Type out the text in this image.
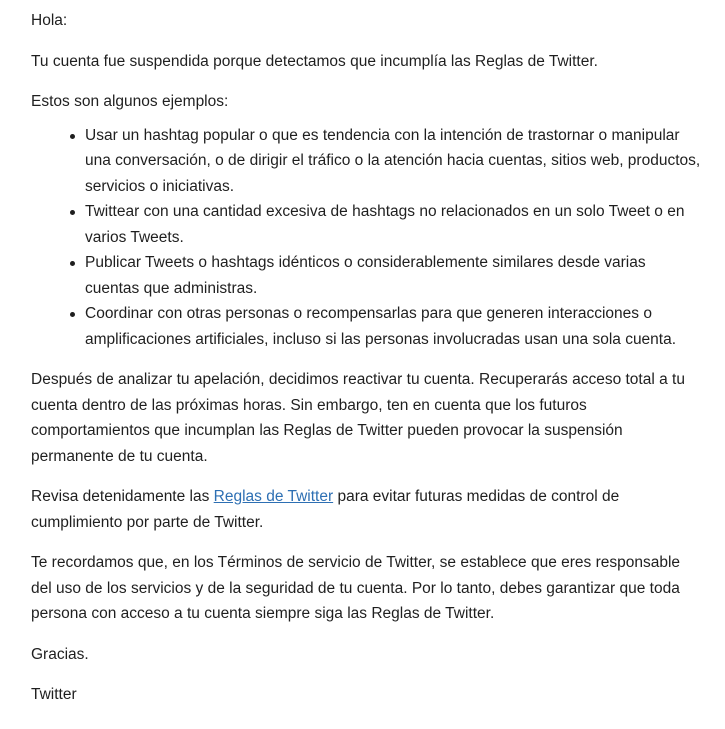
Hola:

Tu cuenta fue suspendida porque detectamos que incumplía las Reglas de Twitter.

Estos son algunos ejemplos:

Usar un hashtag popular o que es tendencia con la intención de trastornar o manipular una conversación, o de dirigir el tráfico o la atención hacia cuentas, sitios web, productos, servicios o iniciativas.
Twittear con una cantidad excesiva de hashtags no relacionados en un solo Tweet o en varios Tweets.
Publicar Tweets o hashtags idénticos o considerablemente similares desde varias cuentas que administras.
Coordinar con otras personas o recompensarlas para que generen interacciones o amplificaciones artificiales, incluso si las personas involucradas usan una sola cuenta.

Después de analizar tu apelación, decidimos reactivar tu cuenta. Recuperarás acceso total a tu cuenta dentro de las próximas horas. Sin embargo, ten en cuenta que los futuros comportamientos que incumplan las Reglas de Twitter pueden provocar la suspensión permanente de tu cuenta.

Revisa detenidamente las Reglas de Twitter para evitar futuras medidas de control de cumplimiento por parte de Twitter.

Te recordamos que, en los Términos de servicio de Twitter, se establece que eres responsable del uso de los servicios y de la seguridad de tu cuenta. Por lo tanto, debes garantizar que toda persona con acceso a tu cuenta siempre siga las Reglas de Twitter.

Gracias.

Twitter
